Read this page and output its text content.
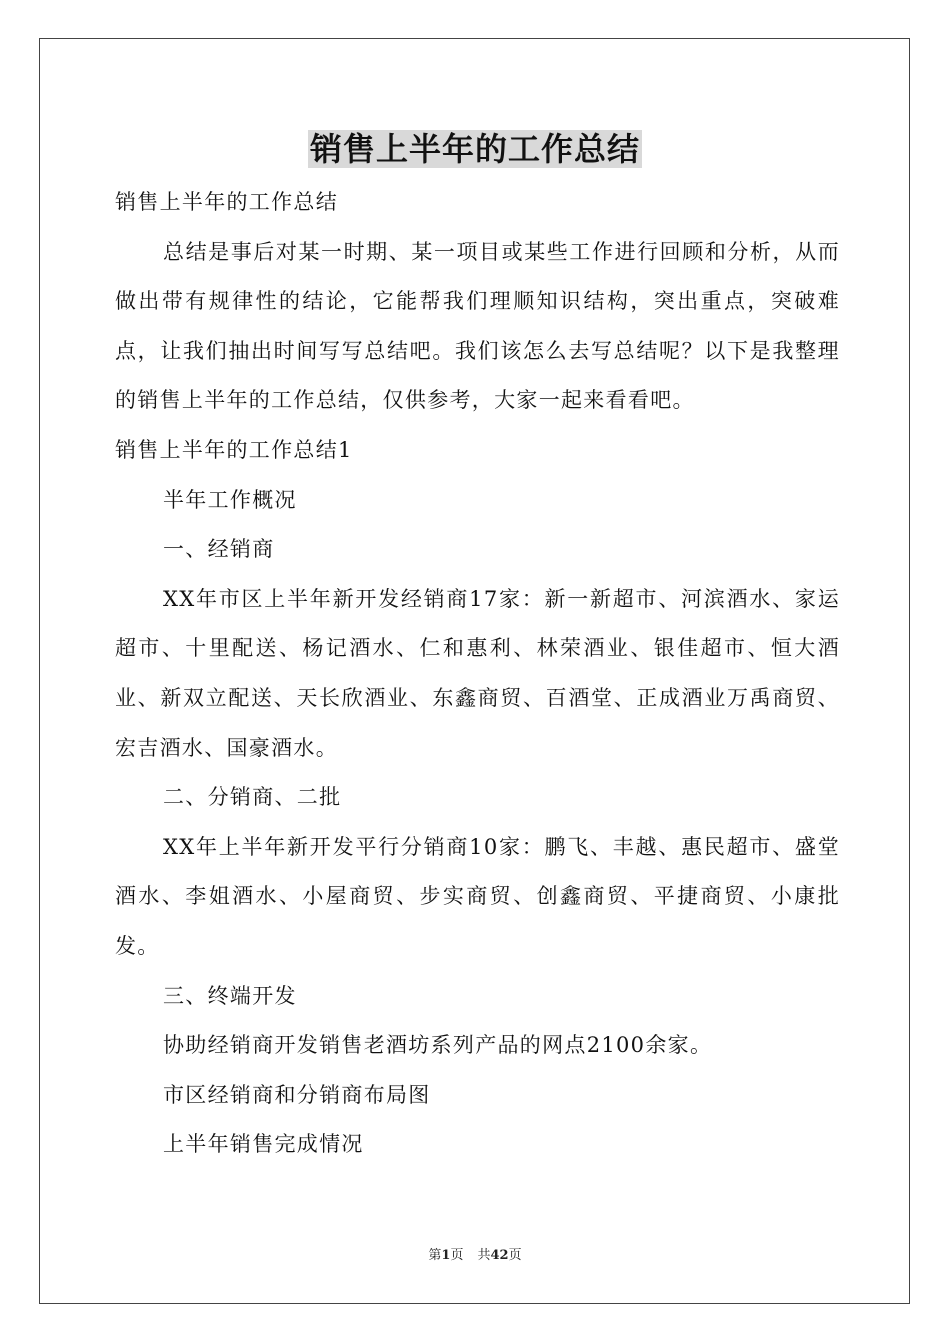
销售上半年的工作总结

销售上半年的工作总结

总结是事后对某一时期、某一项目或某些工作进行回顾和分析，从而做出带有规律性的结论，它能帮我们理顺知识结构，突出重点，突破难点，让我们抽出时间写写总结吧。我们该怎么去写总结呢？以下是我整理的销售上半年的工作总结，仅供参考，大家一起来看看吧。

销售上半年的工作总结1

半年工作概况

一、经销商

XX年市区上半年新开发经销商17家：新一新超市、河滨酒水、家运超市、十里配送、杨记酒水、仁和惠利、林荣酒业、银佳超市、恒大酒业、新双立配送、天长欣酒业、东鑫商贸、百酒堂、正成酒业万禹商贸、宏吉酒水、国豪酒水。

二、分销商、二批

XX年上半年新开发平行分销商10家：鹏飞、丰越、惠民超市、盛堂酒水、李姐酒水、小屋商贸、步实商贸、创鑫商贸、平捷商贸、小康批发。

三、终端开发

协助经销商开发销售老酒坊系列产品的网点2100余家。

市区经销商和分销商布局图

上半年销售完成情况

第1页 共42页
